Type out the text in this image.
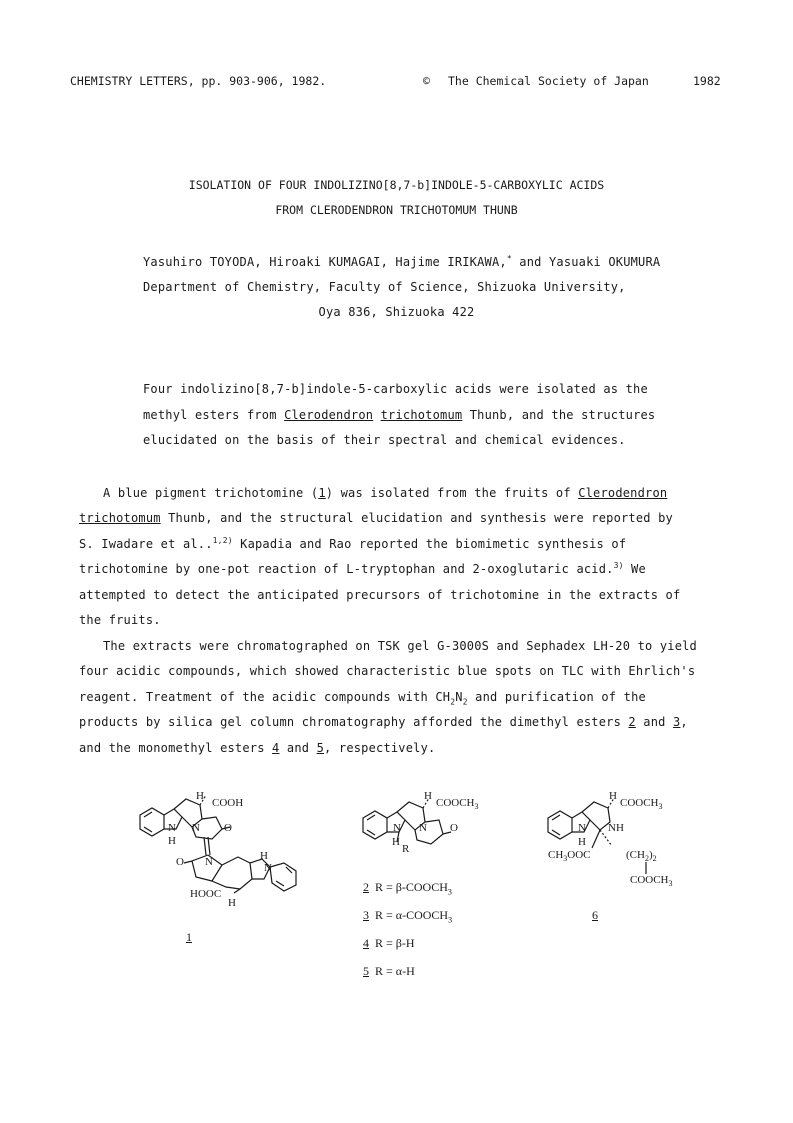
CHEMISTRY LETTERS, pp. 903-906, 1982.	© The Chemical Society of Japan	1982
ISOLATION OF FOUR INDOLIZINO[8,7-b]INDOLE-5-CARBOXYLIC ACIDS
FROM CLERODENDRON TRICHOTOMUM THUNB
Yasuhiro TOYODA, Hiroaki KUMAGAI, Hajime IRIKAWA,* and Yasuaki OKUMURA
Department of Chemistry, Faculty of Science, Shizuoka University,
Oya 836, Shizuoka 422
Four indolizino[8,7-b]indole-5-carboxylic acids were isolated as the
methyl esters from Clerodendron trichotomum Thunb, and the structures
elucidated on the basis of their spectral and chemical evidences.
A blue pigment trichotomine (1) was isolated from the fruits of Clerodendron
trichotomum Thunb, and the structural elucidation and synthesis were reported by
S. Iwadare et al..$^{1,2)}$ Kapadia and Rao reported the biomimetic synthesis of
trichotomine by one-pot reaction of L-tryptophan and 2-oxoglutaric acid.$^{3)}$ We
attempted to detect the anticipated precursors of trichotomine in the extracts of
the fruits.
The extracts were chromatographed on TSK gel G-3000S and Sephadex LH-20 to yield
four acidic compounds, which showed characteristic blue spots on TLC with Ehrlich's
reagent. Treatment of the acidic compounds with $CH_2N_2$ and purification of the
products by silica gel column chromatography afforded the dimethyl esters 2 and 3,
and the monomethyl esters 4 and 5, respectively.
H
COOH
N N O
H
O N	H
N
HOOC
H
1
H
$COOCH_3$
N N O
H
R
2 $R = \beta-COOCH_3$
3 $R = \alpha-COOCH_3$
4 R = β-H
5 R = α-H
H
$COOCH_3$
N NH
H
$CH_3OOC$	$(CH_2)_2$
$COOCH_3$
6
